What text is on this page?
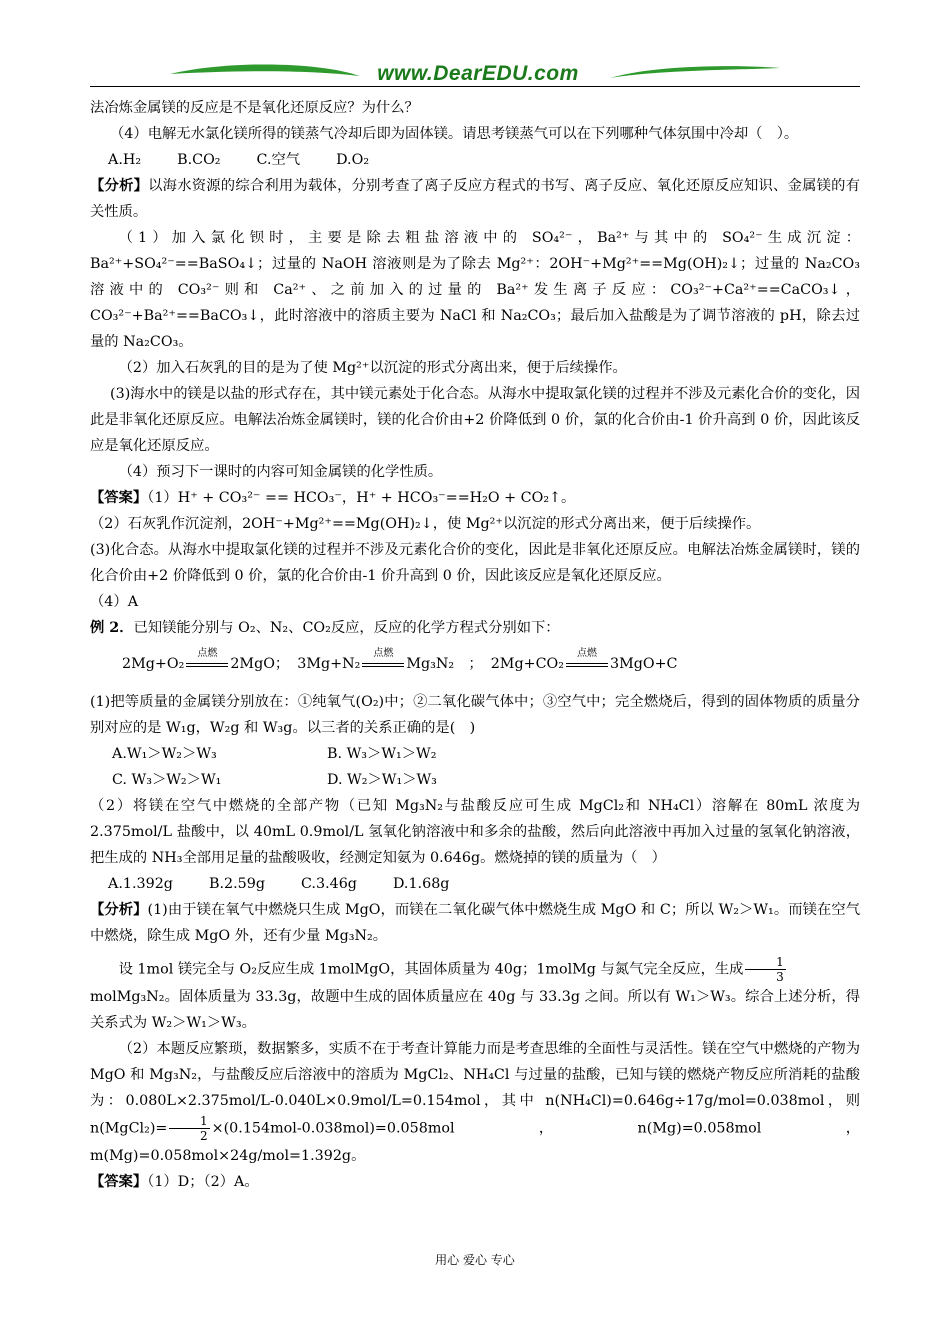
www.DearEDU.com

法冶炼金属镁的反应是不是氧化还原反应？为什么？

（4）电解无水氯化镁所得的镁蒸气冷却后即为固体镁。请思考镁蒸气可以在下列哪种气体氛围中冷却（　）。

A.H₂	B.CO₂	C.空气	D.O₂

【分析】以海水资源的综合利用为载体，分别考查了离子反应方程式的书写、离子反应、氧化还原反应知识、金属镁的有关性质。

（1）加入氯化钡时，主要是除去粗盐溶液中的 SO₄²⁻，Ba²⁺与其中的 SO₄²⁻生成沉淀：Ba²⁺+SO₄²⁻==BaSO₄↓；过量的 NaOH 溶液则是为了除去 Mg²⁺：2OH⁻+Mg²⁺==Mg(OH)₂↓；过量的 Na₂CO₃溶液中的 CO₃²⁻则和 Ca²⁺、之前加入的过量的 Ba²⁺发生离子反应：CO₃²⁻+Ca²⁺==CaCO₃↓，CO₃²⁻+Ba²⁺==BaCO₃↓，此时溶液中的溶质主要为 NaCl 和 Na₂CO₃；最后加入盐酸是为了调节溶液的 pH，除去过量的 Na₂CO₃。

（2）加入石灰乳的目的是为了使 Mg²⁺以沉淀的形式分离出来，便于后续操作。

(3)海水中的镁是以盐的形式存在，其中镁元素处于化合态。从海水中提取氯化镁的过程并不涉及元素化合价的变化，因此是非氧化还原反应。电解法冶炼金属镁时，镁的化合价由+2 价降低到 0 价，氯的化合价由-1 价升高到 0 价，因此该反应是氧化还原反应。

（4）预习下一课时的内容可知金属镁的化学性质。

【答案】（1）H⁺ + CO₃²⁻ == HCO₃⁻，H⁺ + HCO₃⁻==H₂O + CO₂↑。

（2）石灰乳作沉淀剂，2OH⁻+Mg²⁺==Mg(OH)₂↓，使 Mg²⁺以沉淀的形式分离出来，便于后续操作。

(3)化合态。从海水中提取氯化镁的过程并不涉及元素化合价的变化，因此是非氧化还原反应。电解法冶炼金属镁时，镁的化合价由+2 价降低到 0 价，氯的化合价由-1 价升高到 0 价，因此该反应是氧化还原反应。

（4）A

例 2．已知镁能分别与 O₂、N₂、CO₂反应，反应的化学方程式分别如下：

2Mg+O₂
点燃
2MgO； 3Mg+N₂
点燃
Mg₃N₂　； 2Mg+CO₂
点燃
3MgO+C

(1)把等质量的金属镁分别放在：①纯氧气(O₂)中；②二氧化碳气体中；③空气中；完全燃烧后，得到的固体物质的质量分别对应的是 W₁g，W₂g 和 W₃g。以三者的关系正确的是(　)

A.W₁＞W₂＞W₃	B. W₃＞W₁＞W₂
C. W₃＞W₂＞W₁	D. W₂＞W₁＞W₃

（2）将镁在空气中燃烧的全部产物（已知 Mg₃N₂与盐酸反应可生成 MgCl₂和 NH₄Cl）溶解在 80mL 浓度为 2.375mol/L 盐酸中，以 40mL 0.9mol/L 氢氧化钠溶液中和多余的盐酸，然后向此溶液中再加入过量的氢氧化钠溶液，把生成的 NH₃全部用足量的盐酸吸收，经测定知氨为 0.646g。燃烧掉的镁的质量为（　）

A.1.392g	B.2.59g	C.3.46g	D.1.68g

【分析】(1)由于镁在氧气中燃烧只生成 MgO，而镁在二氧化碳气体中燃烧生成 MgO 和 C；所以 W₂＞W₁。而镁在空气中燃烧，除生成 MgO 外，还有少量 Mg₃N₂。

设 1mol 镁完全与 O₂反应生成 1molMgO，其固体质量为 40g；1molMg 与氮气完全反应，生成 $\frac{1}{3}$

molMg₃N₂。固体质量为 33.3g，故题中生成的固体质量应在 40g 与 33.3g 之间。所以有 W₁＞W₃。综合上述分析，得关系式为 W₂＞W₁＞W₃。

（2）本题反应繁琐，数据繁多，实质不在于考查计算能力而是考查思维的全面性与灵活性。镁在空气中燃烧的产物为 MgO 和 Mg₃N₂，与盐酸反应后溶液中的溶质为 MgCl₂、NH₄Cl 与过量的盐酸，已知与镁的燃烧产物反应所消耗的盐酸为：0.080L×2.375mol/L-0.040L×0.9mol/L=0.154mol，其中 n(NH₄Cl)=0.646g÷17g/mol=0.038mol，则 n(MgCl₂)= $\frac{1}{2} \times(0.154mol-0.038mol)=0.058mol$，n(Mg)=0.058mol，m(Mg)=0.058mol×24g/mol=1.392g。

【答案】（1）D；（2）A。

用心 爱心 专心
